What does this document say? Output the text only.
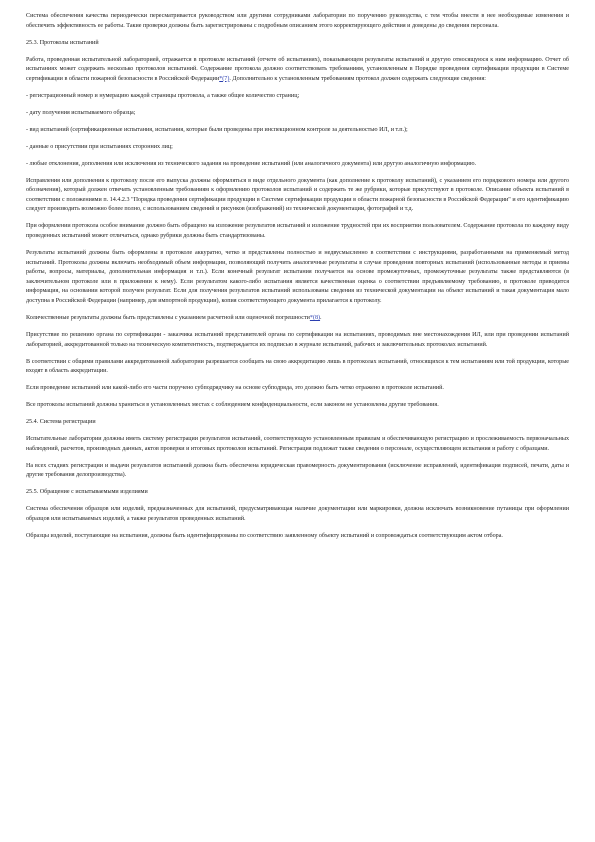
Система обеспечения качества периодически пересматривается руководством или другими сотрудниками лаборатории по поручению руководства, с тем чтобы внести в нее необходимые изменения и обеспечить эффективность ее работы. Такие проверки должны быть зарегистрированы с подробным описанием этого корректирующего действия и доведены до сведения персонала.

25.3. Протоколы испытаний

Работа, проведенная испытательной лабораторией, отражается в протоколе испытаний (отчете об испытаниях), показывающем результаты испытаний и другую относящуюся к ним информацию. Отчет об испытаниях может содержать несколько протоколов испытаний. Содержание протокола должно соответствовать требованиям, установленным в Порядке проведения сертификации продукции в Системе сертификации в области пожарной безопасности в Российской Федерации*(7). Дополнительно к установленным требованиям протокол должен содержать следующие сведения:

- регистрационный номер и нумерацию каждой страницы протокола, а также общее количество страниц;

- дату получения испытываемого образца;

- вид испытаний (сертификационные испытания, испытания, которые были проведены при инспекционном контроле за деятельностью ИЛ, и т.п.);

- данные о присутствии при испытаниях сторонних лиц;

- любые отклонения, дополнения или исключения из технического задания на проведение испытаний (или аналогичного документа) или другую аналогичную информацию.

Исправления или дополнения к протоколу после его выпуска должны оформляться в виде отдельного документа (как дополнение к протоколу испытаний), с указанием его порядкового номера или другого обозначения), который должен отвечать установленным требованиям к оформлению протоколов испытаний и содержать те же рубрики, которые присутствуют в протоколе. Описание объекта испытаний в соответствии с положениями п. 14.4.2.3 "Порядка проведения сертификации продукции в Системе сертификации продукции в области пожарной безопасности в Российской Федерации" и его идентификацию следует производить возможно более полно, с использованием сведений и рисунков (изображений) из технической документации, фотографий и т.д.

При оформлении протокола особое внимание должно быть обращено на изложение результатов испытаний и изложение трудностей при их восприятии пользователем. Содержание протокола по каждому виду проведенных испытаний может отличаться, однако рубрики должны быть стандартизованы.

Результаты испытаний должны быть оформлены в протоколе аккуратно, четко и представлены полностью и недвусмысленно в соответствии с инструкциями, разработанными на применяемый метод испытаний. Протоколы должны включать необходимый объем информации, позволяющий получить аналогичные результаты в случае проведения повторных испытаний (использованные методы и приемы работы, вопросы, материалы, дополнительная информация и т.п.). Если конечный результат испытания получается на основе промежуточных, промежуточные результаты также представляются (в заключительном протоколе или в приложении к нему). Если результатом какого-либо испытания является качественная оценка о соответствии предъявляемому требованию, в протоколе приводится информация, на основании которой получен результат. Если для получения результатов испытаний использованы сведения из технической документации на объект испытаний и такая документация мало доступна в Российской Федерации (например, для импортной продукции), копия соответствующего документа прилагается к протоколу.

Количественные результаты должны быть представлены с указанием расчетной или оценочной погрешности*(8).

Присутствие по решению органа по сертификации - заказчика испытаний представителей органа по сертификации на испытаниях, проводимых вне местонахождения ИЛ, или при проведении испытаний лабораторией, аккредитованной только на техническую компетентность, подтверждается их подписью в журнале испытаний, рабочих и заключительных протоколах испытаний.

В соответствии с общими правилами аккредитованной лаборатории разрешается сообщать на свою аккредитацию лишь в протоколах испытаний, относящихся к тем испытаниям или той продукции, которые входят в область аккредитации.

Если проведение испытаний или какой-либо его части поручено субподрядчику на основе субподряда, это должно быть четко отражено в протоколе испытаний.

Все протоколы испытаний должны храниться в установленных местах с соблюдением конфиденциальности, если законом не установлены другие требования.

25.4. Система регистрации

Испытательные лаборатории должны иметь систему регистрации результатов испытаний, соответствующую установленным правилам и обеспечивающую регистрацию и прослеживаемость первоначальных наблюдений, расчетов, производных данных, актов проверки и итоговых протоколов испытаний. Регистрация подлежат также сведения о персонале, осуществляющем испытания и работу с образцами.

На всех стадиях регистрации и выдачи результатов испытаний должна быть обеспечена юридическая правомерность документирования (исключение исправлений, идентификация подписей, печати, даты и другие требования делопроизводства).

25.5. Обращение с испытываемыми изделиями

Система обеспечения образцов или изделий, предназначенных для испытаний, предусматривающая наличие документации или маркировки, должна исключать возникновение путаницы при оформлении образцов или испытываемых изделий, а также результатов проведенных испытаний.

Образцы изделий, поступающие на испытания, должны быть идентифицированы по соответствию заявленному объекту испытаний и сопровождаться соответствующим актом отбора.
